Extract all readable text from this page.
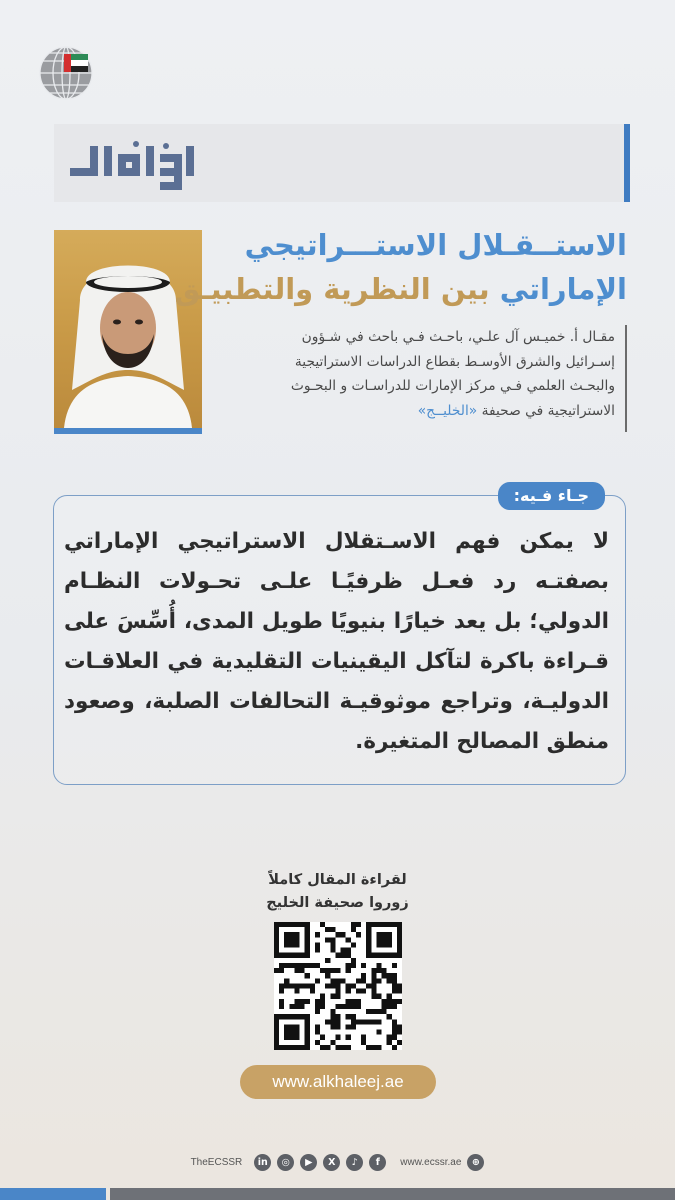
الخليج
الاستــقـلال الاستـــراتيجي
الإماراتي بين النظرية والتطبيـق

مقـال أ. خميـس آل علـي، باحـث فـي باحث في شـؤون

إسـرائيل والشرق الأوسـط بقطاع الدراسات الاستراتيجية

والبحـث العلمي فـي مركز الإمارات للدراسـات و البحـوث

الاستراتيجية في صحيفة «الخليــج»

جـاء فـيه:
لا يمكن فهم الاسـتقلال الاستراتيجي الإماراتي بصفتـه رد فعـل ظرفيًـا علـى تحـولات النظـام الدولي؛ بل يعد خيارًا بنيويًا طويل المدى، أُسِّسَ على قـراءة باكرة لتآكل اليقينيات التقليدية في العلاقـات الدوليـة، وتراجع موثوقيـة التحالفات الصلبة، وصعود منطق المصالح المتغيرة.
لقراءة المقال كاملاً
زوروا صحيفة الخليج
www.alkhaleej.ae
TheECSSR	in	◎	▶	X	♪	f	www.ecssr.ae	⊕
